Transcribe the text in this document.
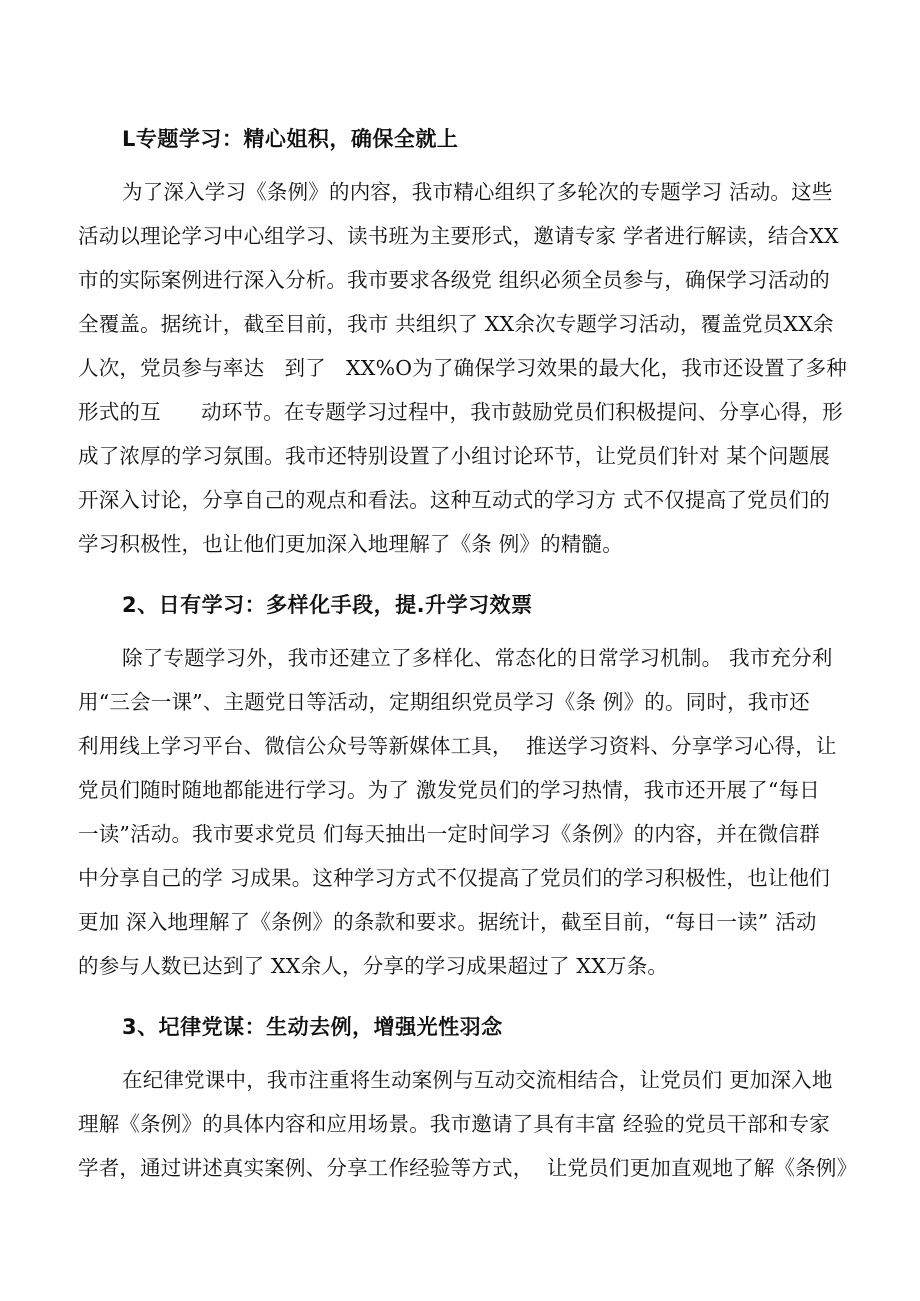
L专题学习：精心姐积，确保全就上
为了深入学习《条例》的内容，我市精心组织了多轮次的专题学习 活动。这些
活动以理论学习中心组学习、读书班为主要形式，邀请专家 学者进行解读，结合XX
市的实际案例进行深入分析。我市要求各级党 组织必须全员参与，确保学习活动的
全覆盖。据统计，截至目前，我市 共组织了 XX余次专题学习活动，覆盖党员XX余
人次，党员参与率达   到了   XX%O为了确保学习效果的最大化，我市还设置了多种
形式的互      动环节。在专题学习过程中，我市鼓励党员们积极提问、分享心得，形
成了浓厚的学习氛围。我市还特别设置了小组讨论环节，让党员们针对 某个问题展
开深入讨论，分享自己的观点和看法。这种互动式的学习方 式不仅提高了党员们的
学习积极性，也让他们更加深入地理解了《条 例》的精髓。
2、日有学习：多样化手段，提.升学习效票
除了专题学习外，我市还建立了多样化、常态化的日常学习机制。 我市充分利
用“三会一课”、主题党日等活动，定期组织党员学习《条 例》的。同时，我市还
利用线上学习平台、微信公众号等新媒体工具，  推送学习资料、分享学习心得，让
党员们随时随地都能进行学习。为了 激发党员们的学习热情，我市还开展了“每日
一读”活动。我市要求党员 们每天抽出一定时间学习《条例》的内容，并在微信群
中分享自己的学 习成果。这种学习方式不仅提高了党员们的学习积极性，也让他们
更加 深入地理解了《条例》的条款和要求。据统计，截至目前，“每日一读” 活动
的参与人数已达到了 XX余人，分享的学习成果超过了 XX万条。
3、圮律党谋：生动去例，增强光性羽念
在纪律党课中，我市注重将生动案例与互动交流相结合，让党员们 更加深入地
理解《条例》的具体内容和应用场景。我市邀请了具有丰富 经验的党员干部和专家
学者，通过讲述真实案例、分享工作经验等方式，  让党员们更加直观地了解《条例》
